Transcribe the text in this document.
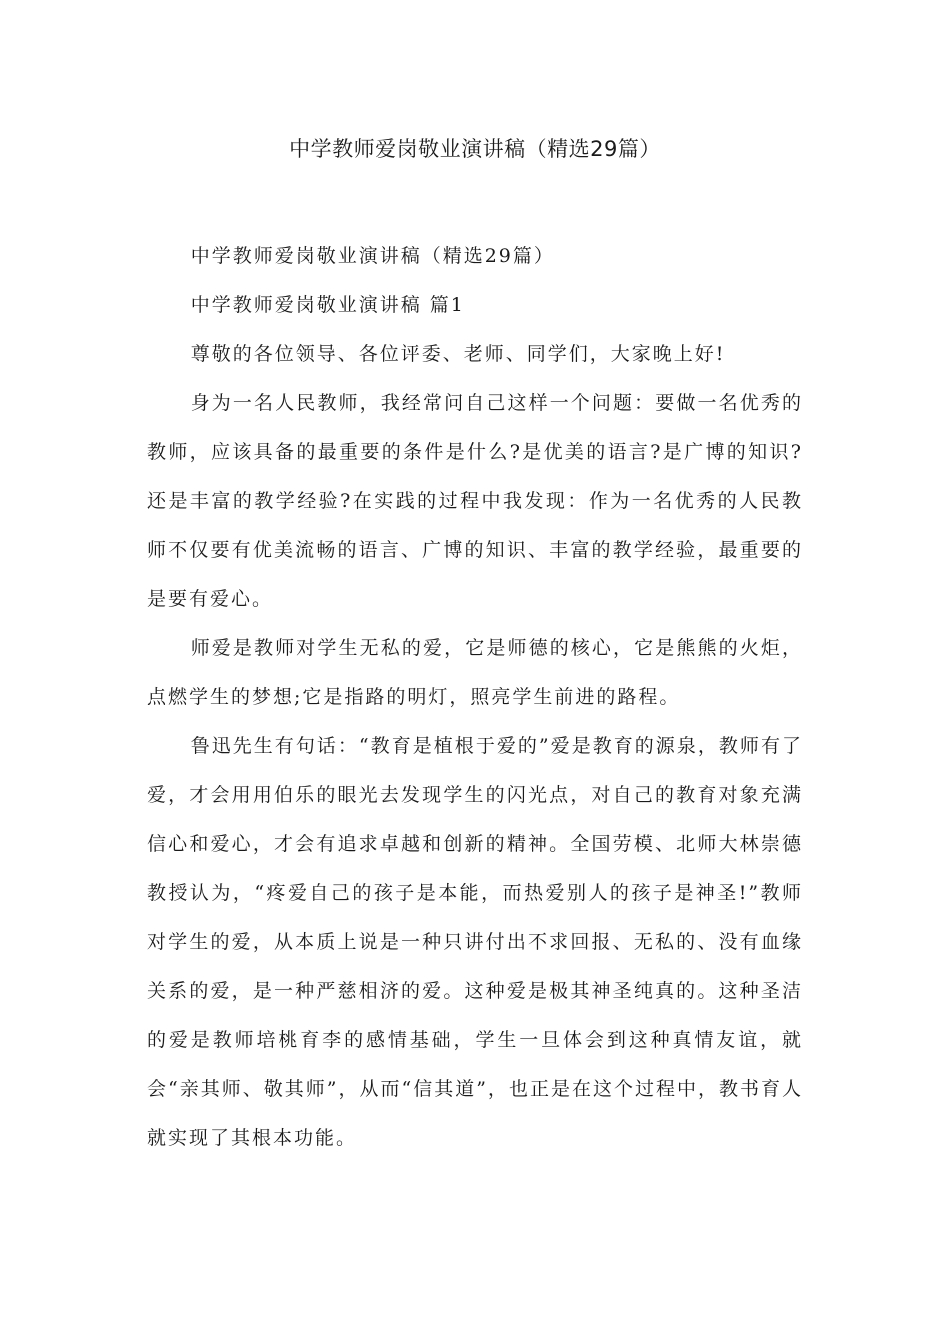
中学教师爱岗敬业演讲稿（精选29篇）

中学教师爱岗敬业演讲稿（精选29篇）

中学教师爱岗敬业演讲稿 篇1

尊敬的各位领导、各位评委、老师、同学们，大家晚上好!

身为一名人民教师，我经常问自己这样一个问题：要做一名优秀的教师，应该具备的最重要的条件是什么?是优美的语言?是广博的知识?还是丰富的教学经验?在实践的过程中我发现：作为一名优秀的人民教师不仅要有优美流畅的语言、广博的知识、丰富的教学经验，最重要的是要有爱心。

师爱是教师对学生无私的爱，它是师德的核心，它是熊熊的火炬，点燃学生的梦想;它是指路的明灯，照亮学生前进的路程。

鲁迅先生有句话：“教育是植根于爱的”爱是教育的源泉，教师有了爱，才会用用伯乐的眼光去发现学生的闪光点，对自己的教育对象充满信心和爱心，才会有追求卓越和创新的精神。全国劳模、北师大林崇德教授认为，“疼爱自己的孩子是本能，而热爱别人的孩子是神圣!”教师对学生的爱，从本质上说是一种只讲付出不求回报、无私的、没有血缘关系的爱，是一种严慈相济的爱。这种爱是极其神圣纯真的。这种圣洁的爱是教师培桃育李的感情基础，学生一旦体会到这种真情友谊，就会“亲其师、敬其师”，从而“信其道”，也正是在这个过程中，教书育人就实现了其根本功能。
